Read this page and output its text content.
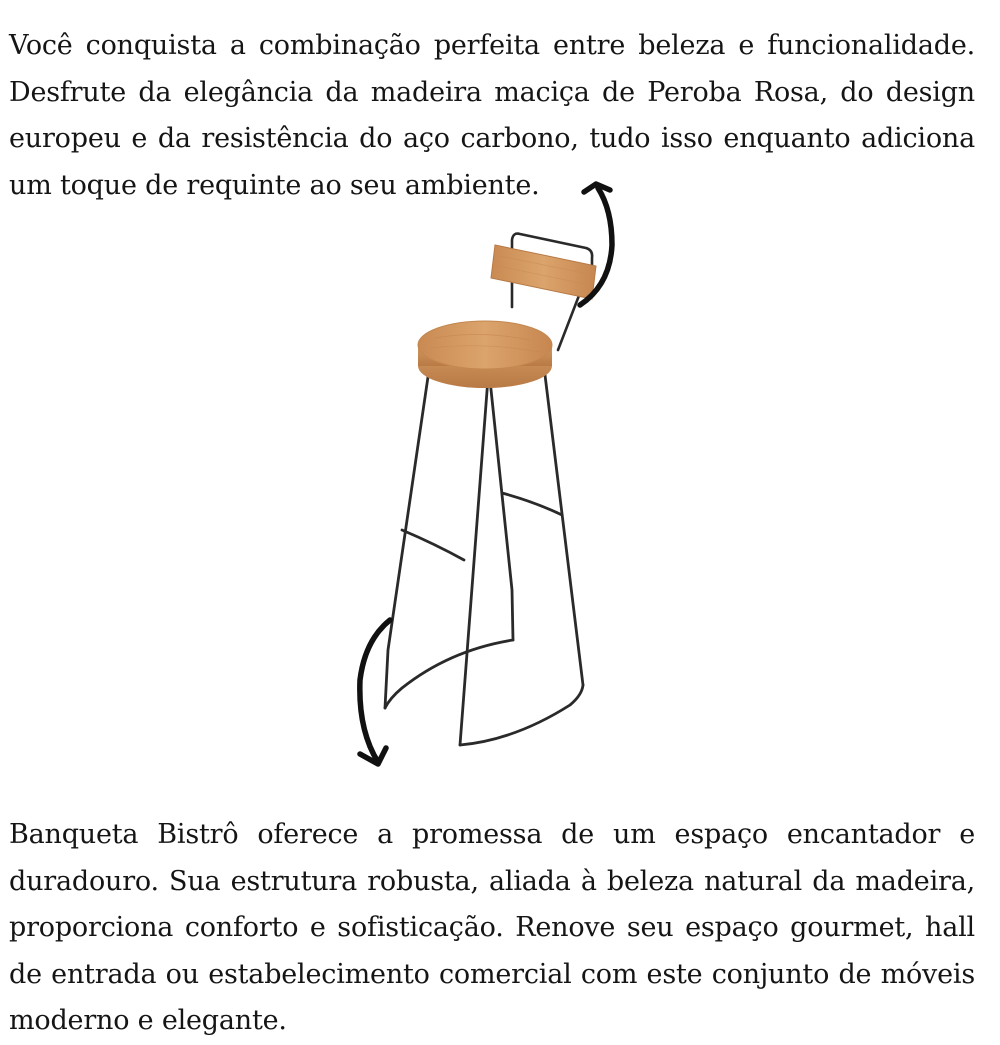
Você conquista a combinação perfeita entre beleza e funcionalidade. Desfrute da elegância da madeira maciça de Peroba Rosa, do design europeu e da resistência do aço carbono, tudo isso enquanto adiciona um toque de requinte ao seu ambiente.

Banqueta Bistrô oferece a promessa de um espaço encantador e duradouro. Sua estrutura robusta, aliada à beleza natural da madeira, proporciona conforto e sofisticação. Renove seu espaço gourmet, hall de entrada ou estabelecimento comercial com este conjunto de móveis moderno e elegante.
